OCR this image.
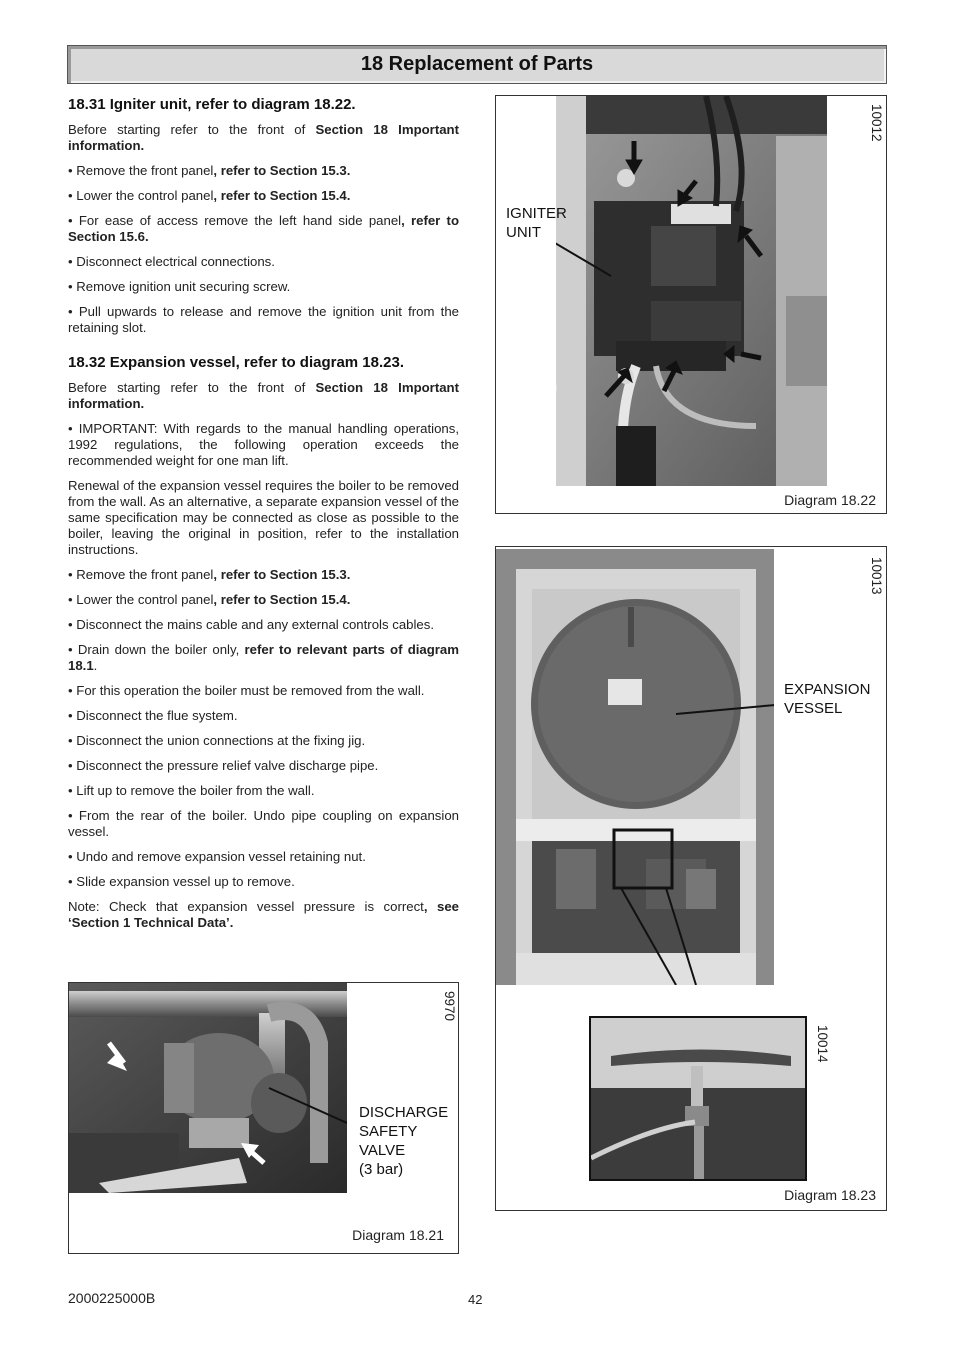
18 Replacement of Parts
18.31 Igniter unit, refer to diagram 18.22.

Before starting refer to the front of Section 18 Important information.

• Remove the front panel, refer to Section 15.3.

• Lower the control panel, refer to Section 15.4.

• For ease of access remove the left hand side panel, refer to Section 15.6.

• Disconnect electrical connections.

• Remove ignition unit securing screw.

• Pull upwards to release and remove the ignition unit from the retaining slot.

18.32 Expansion vessel, refer to diagram 18.23.

Before starting refer to the front of Section 18 Important information.

• IMPORTANT: With regards to the manual handling operations, 1992 regulations, the following operation exceeds the recommended weight for one man lift.

Renewal of the expansion vessel requires the boiler to be removed from the wall. As an alternative, a separate expansion vessel of the same specification may be connected as close as possible to the boiler, leaving the original in position, refer to the installation instructions.

• Remove the front panel, refer to Section 15.3.

• Lower the control panel, refer to Section 15.4.

• Disconnect the mains cable and any external controls cables.

• Drain down the boiler only, refer to relevant parts of diagram 18.1.

• For this operation the boiler must be removed from the wall.

• Disconnect the flue system.

• Disconnect the union connections at the fixing jig.

• Disconnect the pressure relief valve discharge pipe.

• Lift up to remove the boiler from the wall.

• From the rear of the boiler. Undo pipe coupling on expansion vessel.

• Undo and remove expansion vessel retaining nut.

• Slide expansion vessel up to remove.

Note: Check that expansion vessel pressure is correct, see ‘Section 1 Technical Data’.

9970
DISCHARGE
SAFETY
VALVE
(3 bar)
Diagram 18.21
10012
IGNITER
UNIT
Diagram 18.22
10013
10014
EXPANSION
VESSEL
Diagram 18.23
2000225000B	42
